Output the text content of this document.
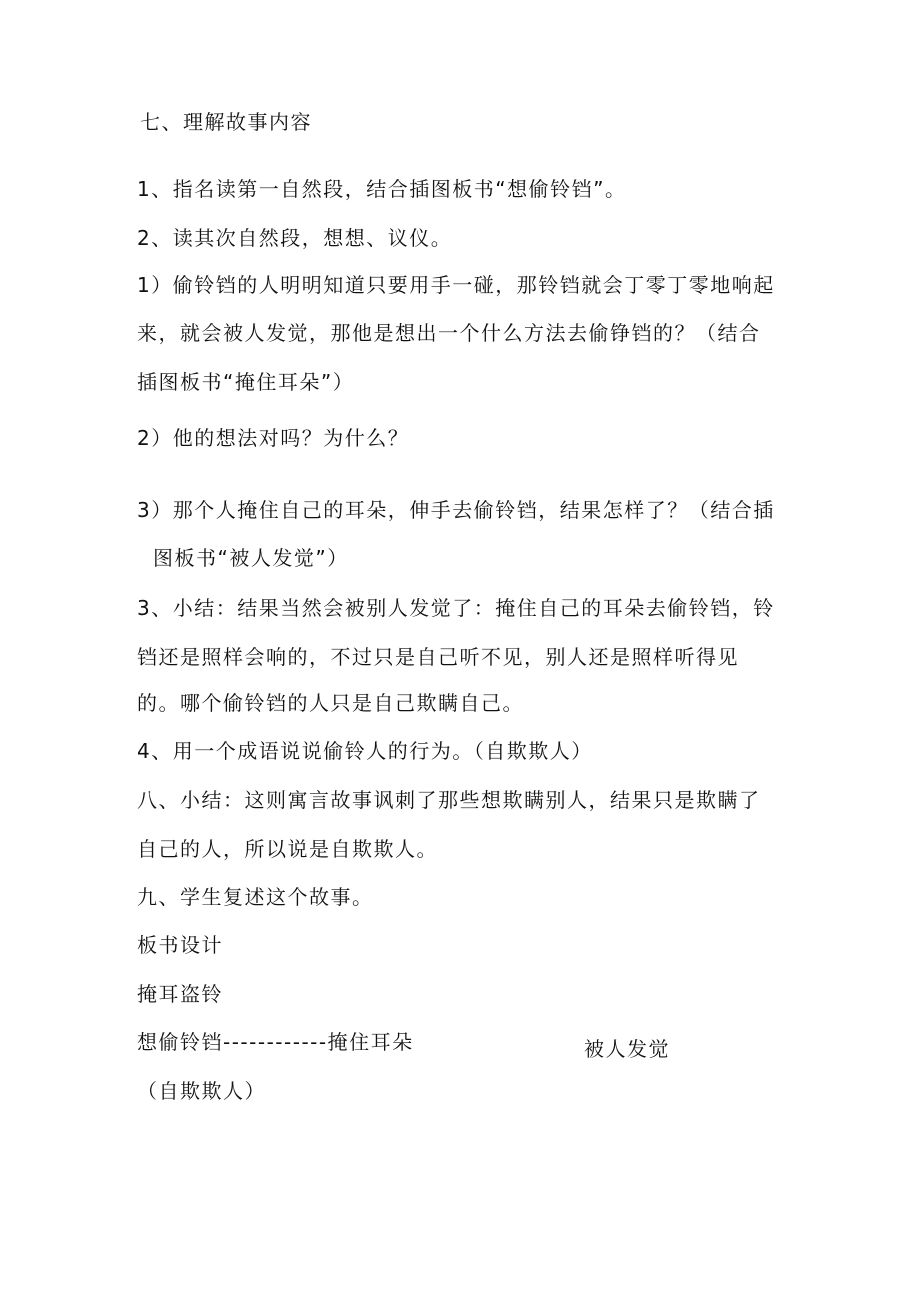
七、理解故事内容
1、指名读第一自然段，结合插图板书“想偷铃铛”。
2、读其次自然段，想想、议仪。
1）偷铃铛的人明明知道只要用手一碰，那铃铛就会丁零丁零地响起
来，就会被人发觉，那他是想出一个什么方法去偷铮铛的？（结合
插图板书“掩住耳朵”）
2）他的想法对吗？为什么？
3）那个人掩住自己的耳朵，伸手去偷铃铛，结果怎样了？（结合插
图板书“被人发觉”）
3、小结：结果当然会被别人发觉了：掩住自己的耳朵去偷铃铛，铃
铛还是照样会响的，不过只是自己听不见，别人还是照样听得见
的。哪个偷铃铛的人只是自己欺瞒自己。
4、用一个成语说说偷铃人的行为。（自欺欺人）
八、小结：这则寓言故事讽刺了那些想欺瞒别人，结果只是欺瞒了
自己的人，所以说是自欺欺人。
九、学生复述这个故事。
板书设计
掩耳盗铃
想偷铃铛------------掩住耳朵	被人发觉
（自欺欺人）
